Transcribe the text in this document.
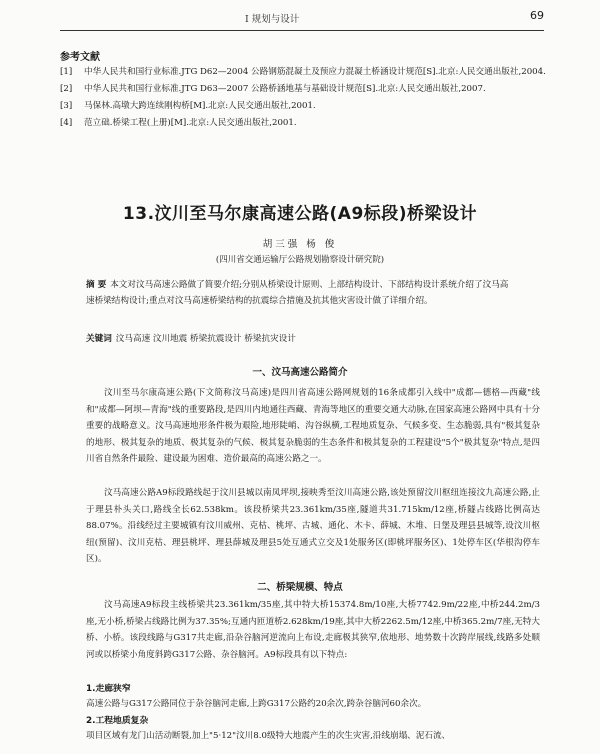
Ⅰ 规划与设计	69
参考文献
[1]	中华人民共和国行业标准.JTG D62—2004 公路钢筋混凝土及预应力混凝土桥涵设计规范[S].北京:人民交通出版社,2004.
[2]	中华人民共和国行业标准.JTG D63—2007 公路桥涵地基与基础设计规范[S].北京:人民交通出版社,2007.
[3]	马保林.高墩大跨连续刚构桥[M].北京:人民交通出版社,2001.
[4]	范立础.桥梁工程(上册)[M].北京:人民交通出版社,2001.
13.汶川至马尔康高速公路(A9标段)桥梁设计
胡三强 杨 俊
(四川省交通运输厅公路规划勘察设计研究院)
摘 要 本文对汶马高速公路做了简要介绍;分别从桥梁设计原则、上部结构设计、下部结构设计系统介绍了汶马高速桥梁结构设计;重点对汶马高速桥梁结构的抗震综合措施及抗其他灾害设计做了详细介绍。
关键词 汶马高速 汶川地震 桥梁抗震设计 桥梁抗灾设计
一、汶马高速公路简介

汶川至马尔康高速公路(下文简称汶马高速)是四川省高速公路网规划的16条成都引入线中"成都—德格—西藏"线和"成都—阿坝—青海"线的重要路段,是四川内地通往西藏、青海等地区的重要交通大动脉,在国家高速公路网中具有十分重要的战略意义。汶马高速地形条件极为艰险,地形陡峭、沟谷纵横,工程地质复杂、气候多变、生态脆弱,具有"极其复杂的地形、极其复杂的地质、极其复杂的气候、极其复杂脆弱的生态条件和极其复杂的工程建设"5个"极其复杂"特点,是四川省自然条件最险、建设最为困难、造价最高的高速公路之一。

汶马高速公路A9标段路线起于汶川县城以南凤坪坝,接映秀至汶川高速公路,该处预留汶川枢纽连接汶九高速公路,止于理县朴头关口,路线全长62.538km。该段桥梁共23.361km/35座,隧道共31.715km/12座,桥隧占线路比例高达88.07%。沿线经过主要城镇有汶川威州、克枯、桃坪、古城、通化、木卡、薛城、木堆、日堡及理县县城等,设汶川枢纽(预留)、汶川克枯、理县桃坪、理县薛城及理县5处互通式立交及1处服务区(即桃坪服务区)、1处停车区(华根沟停车区)。

二、桥梁规模、特点

汶马高速A9标段主线桥梁共23.361km/35座,其中特大桥15374.8m/10座,大桥7742.9m/22座,中桥244.2m/3座,无小桥,桥梁占线路比例为37.35%;互通内匝道桥2.628km/19座,其中大桥2262.5m/12座,中桥365.2m/7座,无特大桥、小桥。该段线路与G317共走廊,沿杂谷脑河逆流向上布设,走廊极其狭窄,依地形、地势数十次跨岸展线,线路多处顺河或以桥梁小角度斜跨G317公路、杂谷脑河。A9标段具有以下特点:

1.走廊狭窄
高速公路与G317公路同位于杂谷脑河走廊,上跨G317公路约20余次,跨杂谷脑河60余次。
2.工程地质复杂
项目区域有龙门山活动断裂,加上"5·12"汶川8.0级特大地震产生的次生灾害,沿线崩塌、泥石流、
